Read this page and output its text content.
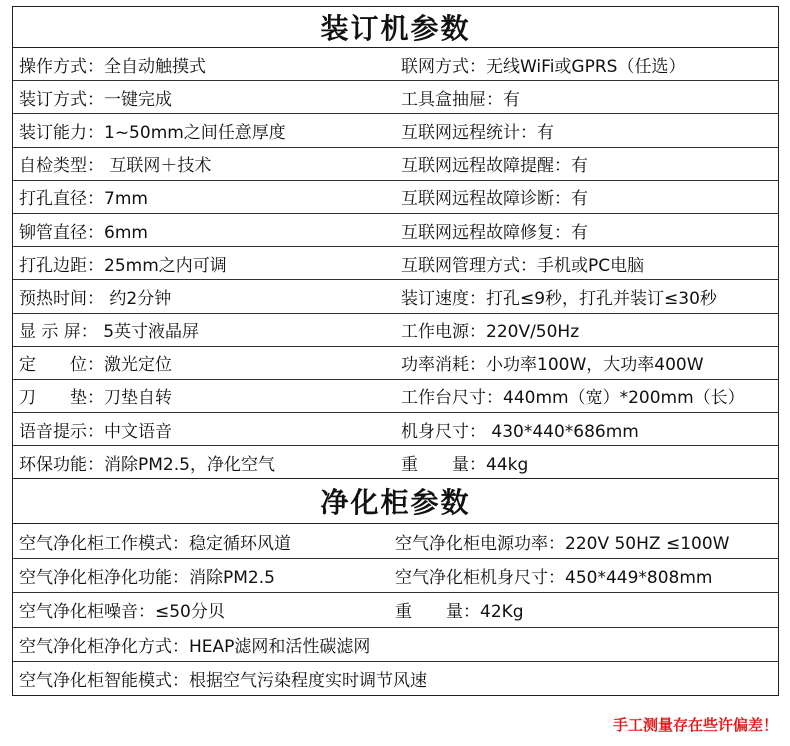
装订机参数
操作方式：全自动触摸式	联网方式：无线WiFi或GPRS（任选）
装订方式：一键完成	工具盒抽屉：有
装订能力：1~50mm之间任意厚度	互联网远程统计：有
自检类型： 互联网＋技术	互联网远程故障提醒：有
打孔直径：7mm	互联网远程故障诊断：有
铆管直径：6mm	互联网远程故障修复：有
打孔边距：25mm之内可调	互联网管理方式：手机或PC电脑
预热时间： 约2分钟	装订速度：打孔≤9秒，打孔并装订≤30秒
显 示 屏： 5英寸液晶屏	工作电源：220V/50Hz
定　　位：激光定位	功率消耗：小功率100W，大功率400W
刀　　垫：刀垫自转	工作台尺寸：440mm（宽）*200mm（长）
语音提示：中文语音	机身尺寸： 430*440*686mm
环保功能：消除PM2.5，净化空气	重　　量：44kg
净化柜参数
空气净化柜工作模式：稳定循环风道	空气净化柜电源功率：220V 50HZ ≤100W
空气净化柜净化功能：消除PM2.5	空气净化柜机身尺寸：450*449*808mm
空气净化柜噪音：≤50分贝	重　　量：42Kg
空气净化柜净化方式：HEAP滤网和活性碳滤网
空气净化柜智能模式：根据空气污染程度实时调节风速
手工测量存在些许偏差！
